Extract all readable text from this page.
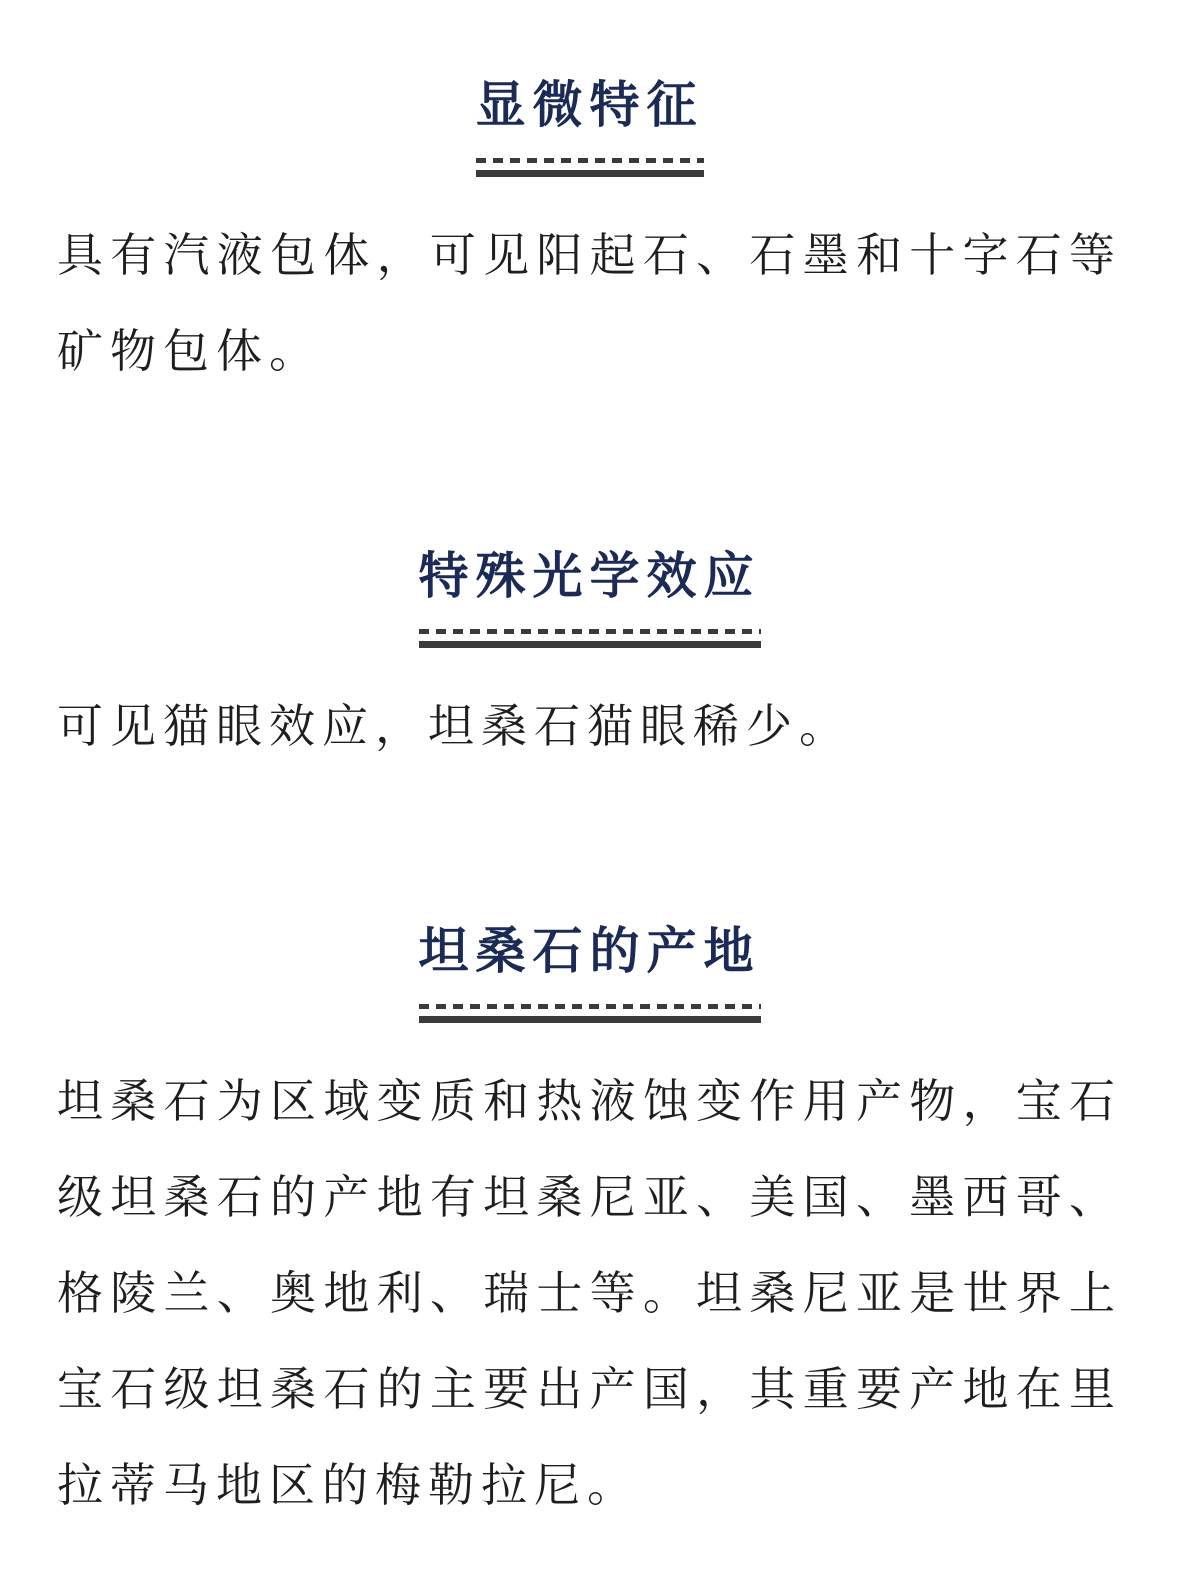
显微特征

具有汽液包体，可见阳起石、石墨和十字石等矿物包体。

特殊光学效应

可见猫眼效应，坦桑石猫眼稀少。

坦桑石的产地

坦桑石为区域变质和热液蚀变作用产物，宝石级坦桑石的产地有坦桑尼亚、美国、墨西哥、格陵兰、奥地利、瑞士等。坦桑尼亚是世界上宝石级坦桑石的主要出产国，其重要产地在里拉蒂马地区的梅勒拉尼。
